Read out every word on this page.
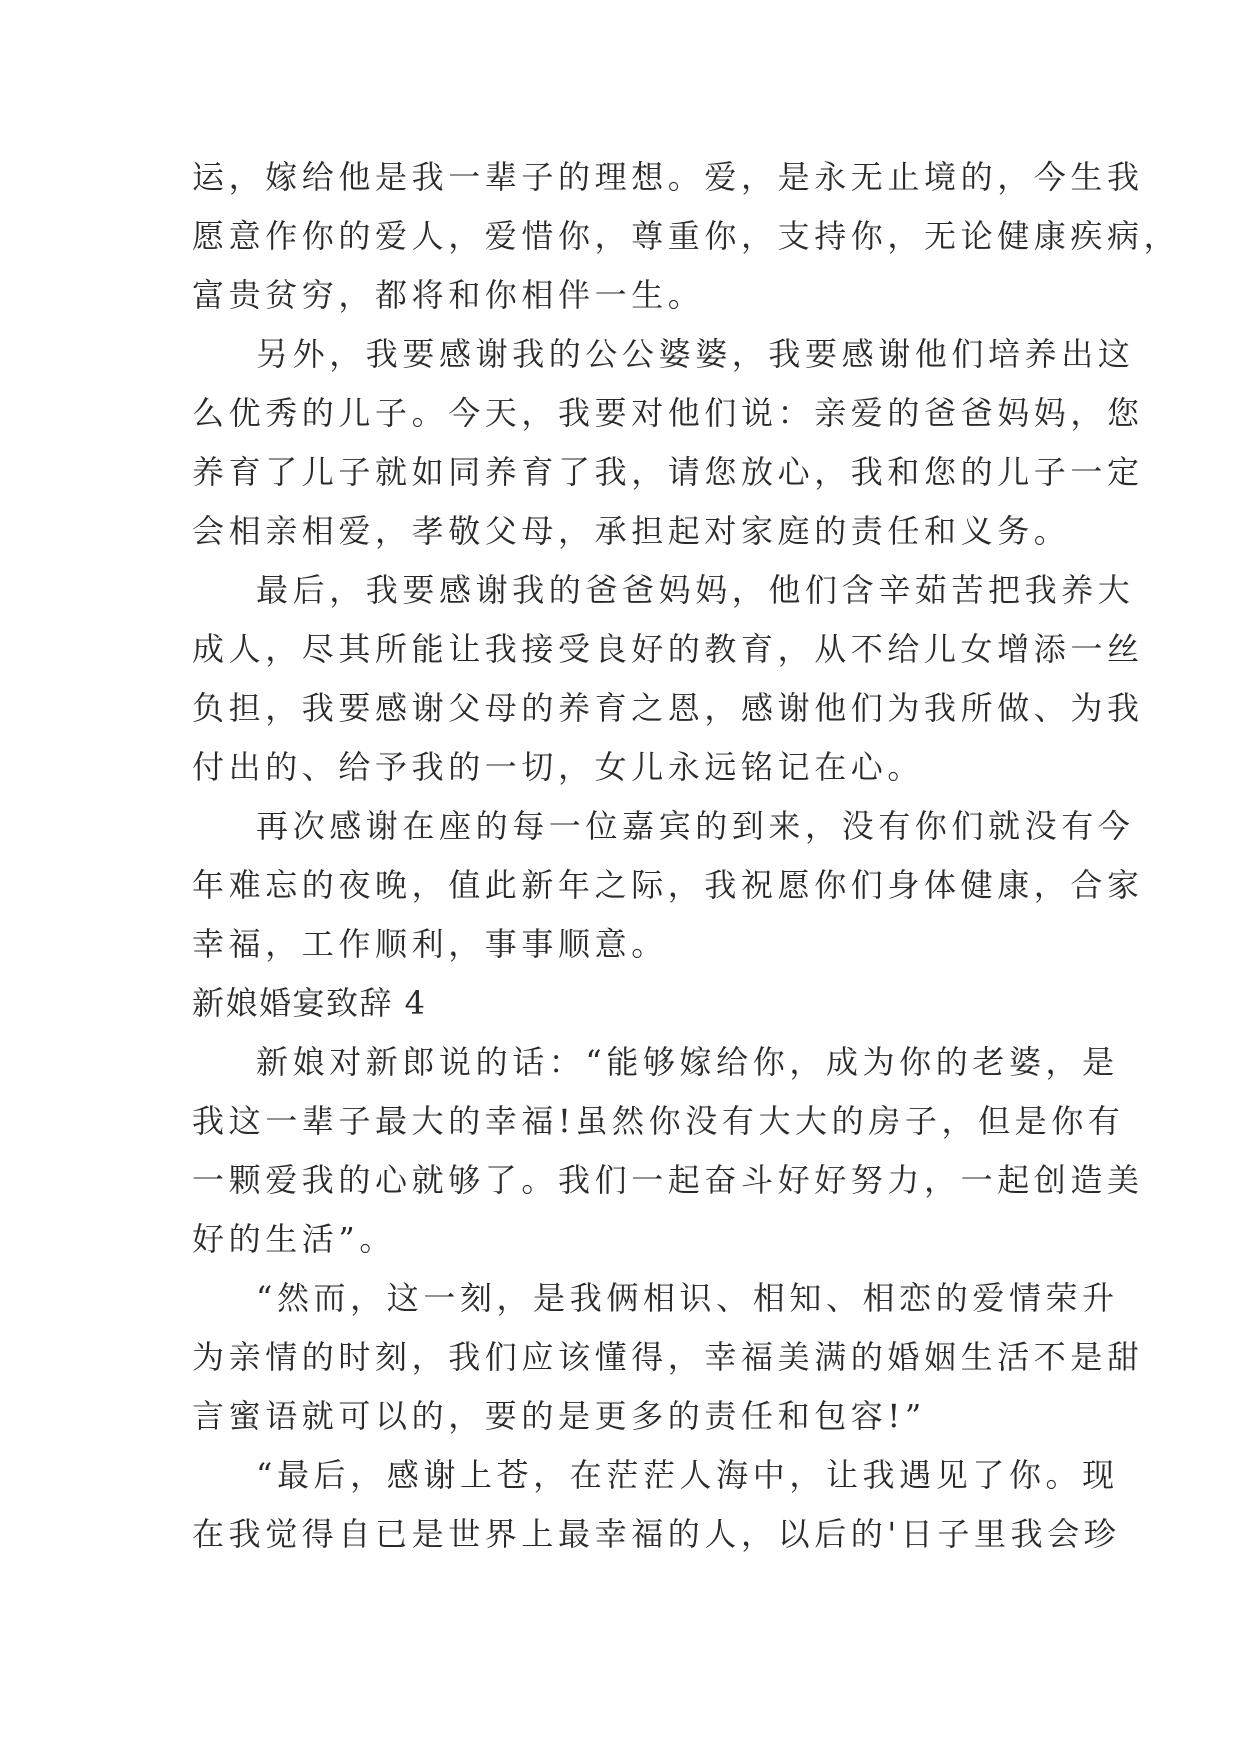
运，嫁给他是我一辈子的理想。爱，是永无止境的，今生我
愿意作你的爱人，爱惜你，尊重你，支持你，无论健康疾病，
富贵贫穷，都将和你相伴一生。
另外，我要感谢我的公公婆婆，我要感谢他们培养出这
么优秀的儿子。今天，我要对他们说：亲爱的爸爸妈妈，您
养育了儿子就如同养育了我，请您放心，我和您的儿子一定
会相亲相爱，孝敬父母，承担起对家庭的责任和义务。
最后，我要感谢我的爸爸妈妈，他们含辛茹苦把我养大
成人，尽其所能让我接受良好的教育，从不给儿女增添一丝
负担，我要感谢父母的养育之恩，感谢他们为我所做、为我
付出的、给予我的一切，女儿永远铭记在心。
再次感谢在座的每一位嘉宾的到来，没有你们就没有今
年难忘的夜晚，值此新年之际，我祝愿你们身体健康，合家
幸福，工作顺利，事事顺意。
新娘婚宴致辞 4
新娘对新郎说的话：“能够嫁给你，成为你的老婆，是
我这一辈子最大的幸福!虽然你没有大大的房子，但是你有
一颗爱我的心就够了。我们一起奋斗好好努力，一起创造美
好的生活”。
“然而，这一刻，是我俩相识、相知、相恋的爱情荣升
为亲情的时刻，我们应该懂得，幸福美满的婚姻生活不是甜
言蜜语就可以的，要的是更多的责任和包容!”
“最后，感谢上苍，在茫茫人海中，让我遇见了你。现
在我觉得自已是世界上最幸福的人，以后的'日子里我会珍
